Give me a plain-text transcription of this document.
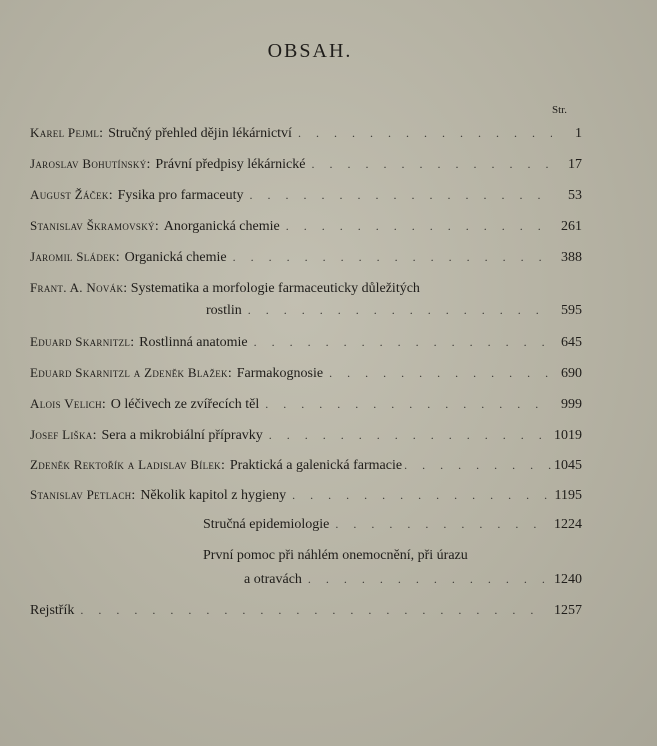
OBSAH.
Str.
Karel Pejml : Stručný přehled dějin lékárnictví . . .	1
Jaroslav Bohutínský : Právní předpisy lékárnické . . .	17
August Žáček : Fysika pro farmaceuty . . .	53
Stanislav Škramovský : Anorganická chemie . . .	261
Jaromil Sládek : Organická chemie . . .	388
Frant. A. Novák: Systematika a morfologie farmaceuticky důležitých
rostlin . . .	595
Eduard Skarnitzl : Rostlinná anatomie . . .	645
Eduard Skarnitzl a Zdeněk Blažek : Farmakognosie . . .	690
Alois Velich : O léčivech ze zvířecích těl . . .	999
Josef Liška : Sera a mikrobiální přípravky . . .	1019
Zdeněk Rektořík a Ladislav Bílek : Praktická a galenická farmacie . . .	1045
Stanislav Petlach : Několik kapitol z hygieny . . .	1195
Stručná epidemiologie . . .	1224
První pomoc při náhlém onemocnění, při úrazu
a otravách . . .	1240
Rejstřík . . .	1257
